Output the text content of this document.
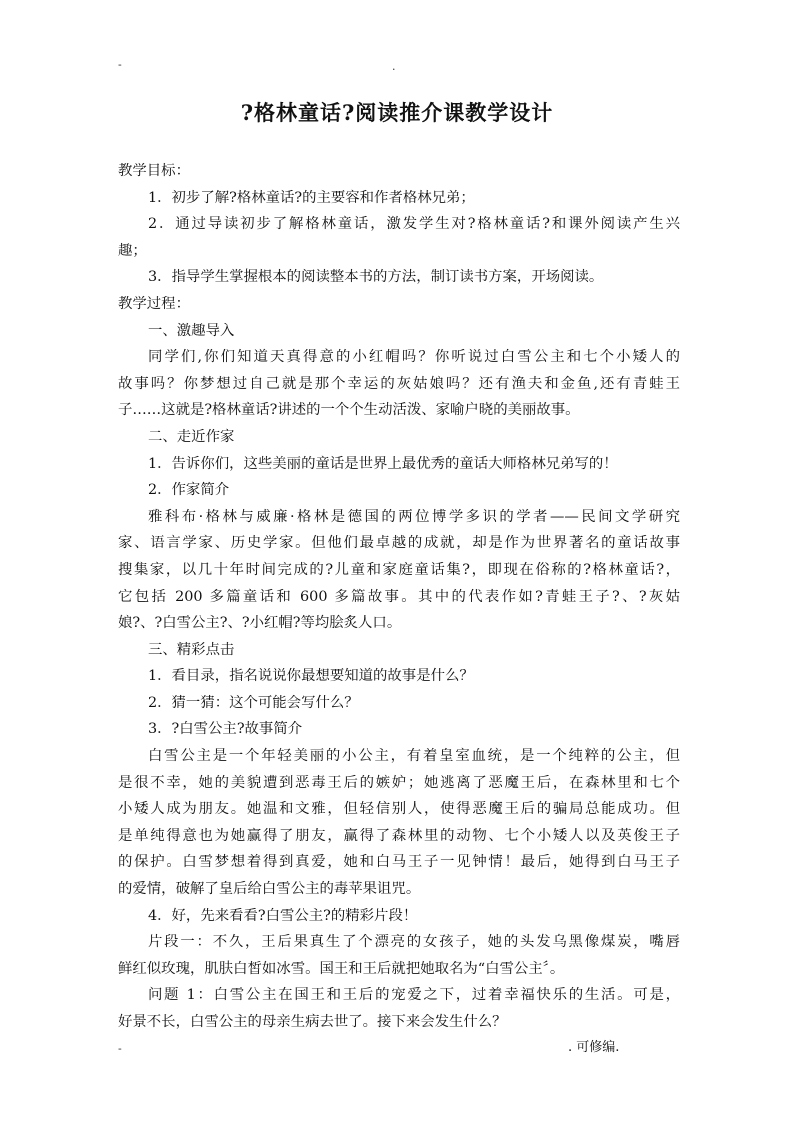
-	.
?格林童话?阅读推介课教学设计
教学目标：
1．初步了解?格林童话?的主要容和作者格林兄弟；
2．通过导读初步了解格林童话，激发学生对?格林童话?和课外阅读产生兴
趣；
3．指导学生掌握根本的阅读整本书的方法，制订读书方案，开场阅读。
教学过程：
一、激趣导入
同学们,你们知道天真得意的小红帽吗？你听说过白雪公主和七个小矮人的
故事吗？你梦想过自己就是那个幸运的灰姑娘吗？还有渔夫和金鱼,还有青蛙王
子……这就是?格林童话?讲述的一个个生动活泼、家喻户晓的美丽故事。
二、走近作家
1．告诉你们，这些美丽的童话是世界上最优秀的童话大师格林兄弟写的！
2．作家简介
雅科布·格林与威廉·格林是德国的两位博学多识的学者——民间文学研究
家、语言学家、历史学家。但他们最卓越的成就，却是作为世界著名的童话故事
搜集家，以几十年时间完成的?儿童和家庭童话集?，即现在俗称的?格林童话?，
它包括 200 多篇童话和 600 多篇故事。其中的代表作如?青蛙王子?、?灰姑
娘?、?白雪公主?、?小红帽?等均脍炙人口。
三、精彩点击
1．看目录，指名说说你最想要知道的故事是什么？
2．猜一猜：这个可能会写什么？
3．?白雪公主?故事简介
白雪公主是一个年轻美丽的小公主，有着皇室血统，是一个纯粹的公主，但
是很不幸，她的美貌遭到恶毒王后的嫉妒；她逃离了恶魔王后，在森林里和七个
小矮人成为朋友。她温和文雅，但轻信别人，使得恶魔王后的骗局总能成功。但
是单纯得意也为她赢得了朋友，赢得了森林里的动物、七个小矮人以及英俊王子
的保护。白雪梦想着得到真爱，她和白马王子一见钟情！最后，她得到白马王子
的爱情，破解了皇后给白雪公主的毒苹果诅咒。
4．好，先来看看?白雪公主?的精彩片段！
片段一：不久，王后果真生了个漂亮的女孩子，她的头发乌黑像煤炭，嘴唇
鲜红似玫瑰，肌肤白皙如冰雪。国王和王后就把她取名为“白雪公主〞。
问题 1：白雪公主在国王和王后的宠爱之下，过着幸福快乐的生活。可是，
好景不长，白雪公主的母亲生病去世了。接下来会发生什么？
-	. 可修编.
